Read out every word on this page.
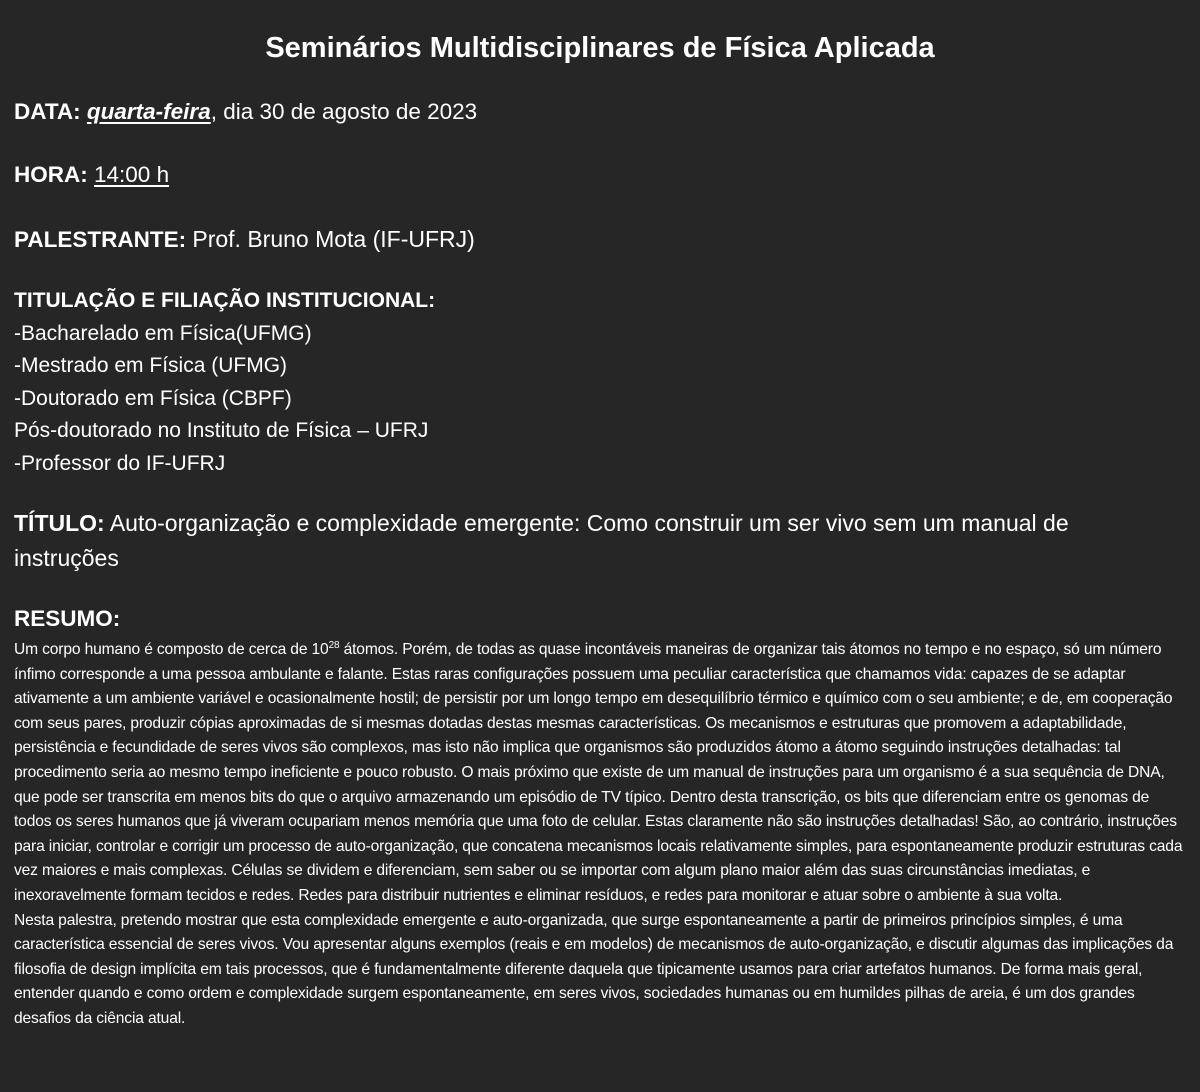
Seminários Multidisciplinares de Física Aplicada
DATA: quarta-feira, dia 30 de agosto de 2023
HORA: 14:00 h
PALESTRANTE: Prof. Bruno Mota (IF-UFRJ)
TITULAÇÃO E FILIAÇÃO INSTITUCIONAL:
-Bacharelado em Física(UFMG)
-Mestrado em Física (UFMG)
-Doutorado em Física (CBPF)
Pós-doutorado no Instituto de Física – UFRJ
-Professor do IF-UFRJ
TÍTULO: Auto-organização e complexidade emergente: Como construir um ser vivo sem um manual de instruções
RESUMO:

Um corpo humano é composto de cerca de $10^{28}$ átomos. Porém, de todas as quase incontáveis maneiras de organizar tais átomos no tempo e no espaço, só um número ínfimo corresponde a uma pessoa ambulante e falante. Estas raras configurações possuem uma peculiar característica que chamamos vida: capazes de se adaptar ativamente a um ambiente variável e ocasionalmente hostil; de persistir por um longo tempo em desequilíbrio térmico e químico com o seu ambiente; e de, em cooperação com seus pares, produzir cópias aproximadas de si mesmas dotadas destas mesmas características. Os mecanismos e estruturas que promovem a adaptabilidade, persistência e fecundidade de seres vivos são complexos, mas isto não implica que organismos são produzidos átomo a átomo seguindo instruções detalhadas: tal procedimento seria ao mesmo tempo ineficiente e pouco robusto. O mais próximo que existe de um manual de instruções para um organismo é a sua sequência de DNA, que pode ser transcrita em menos bits do que o arquivo armazenando um episódio de TV típico. Dentro desta transcrição, os bits que diferenciam entre os genomas de todos os seres humanos que já viveram ocupariam menos memória que uma foto de celular. Estas claramente não são instruções detalhadas! São, ao contrário, instruções para iniciar, controlar e corrigir um processo de auto-organização, que concatena mecanismos locais relativamente simples, para espontaneamente produzir estruturas cada vez maiores e mais complexas. Células se dividem e diferenciam, sem saber ou se importar com algum plano maior além das suas circunstâncias imediatas, e inexoravelmente formam tecidos e redes. Redes para distribuir nutrientes e eliminar resíduos, e redes para monitorar e atuar sobre o ambiente à sua volta.

Nesta palestra, pretendo mostrar que esta complexidade emergente e auto-organizada, que surge espontaneamente a partir de primeiros princípios simples, é uma característica essencial de seres vivos. Vou apresentar alguns exemplos (reais e em modelos) de mecanismos de auto-organização, e discutir algumas das implicações da filosofia de design implícita em tais processos, que é fundamentalmente diferente daquela que tipicamente usamos para criar artefatos humanos. De forma mais geral, entender quando e como ordem e complexidade surgem espontaneamente, em seres vivos, sociedades humanas ou em humildes pilhas de areia, é um dos grandes desafios da ciência atual.
